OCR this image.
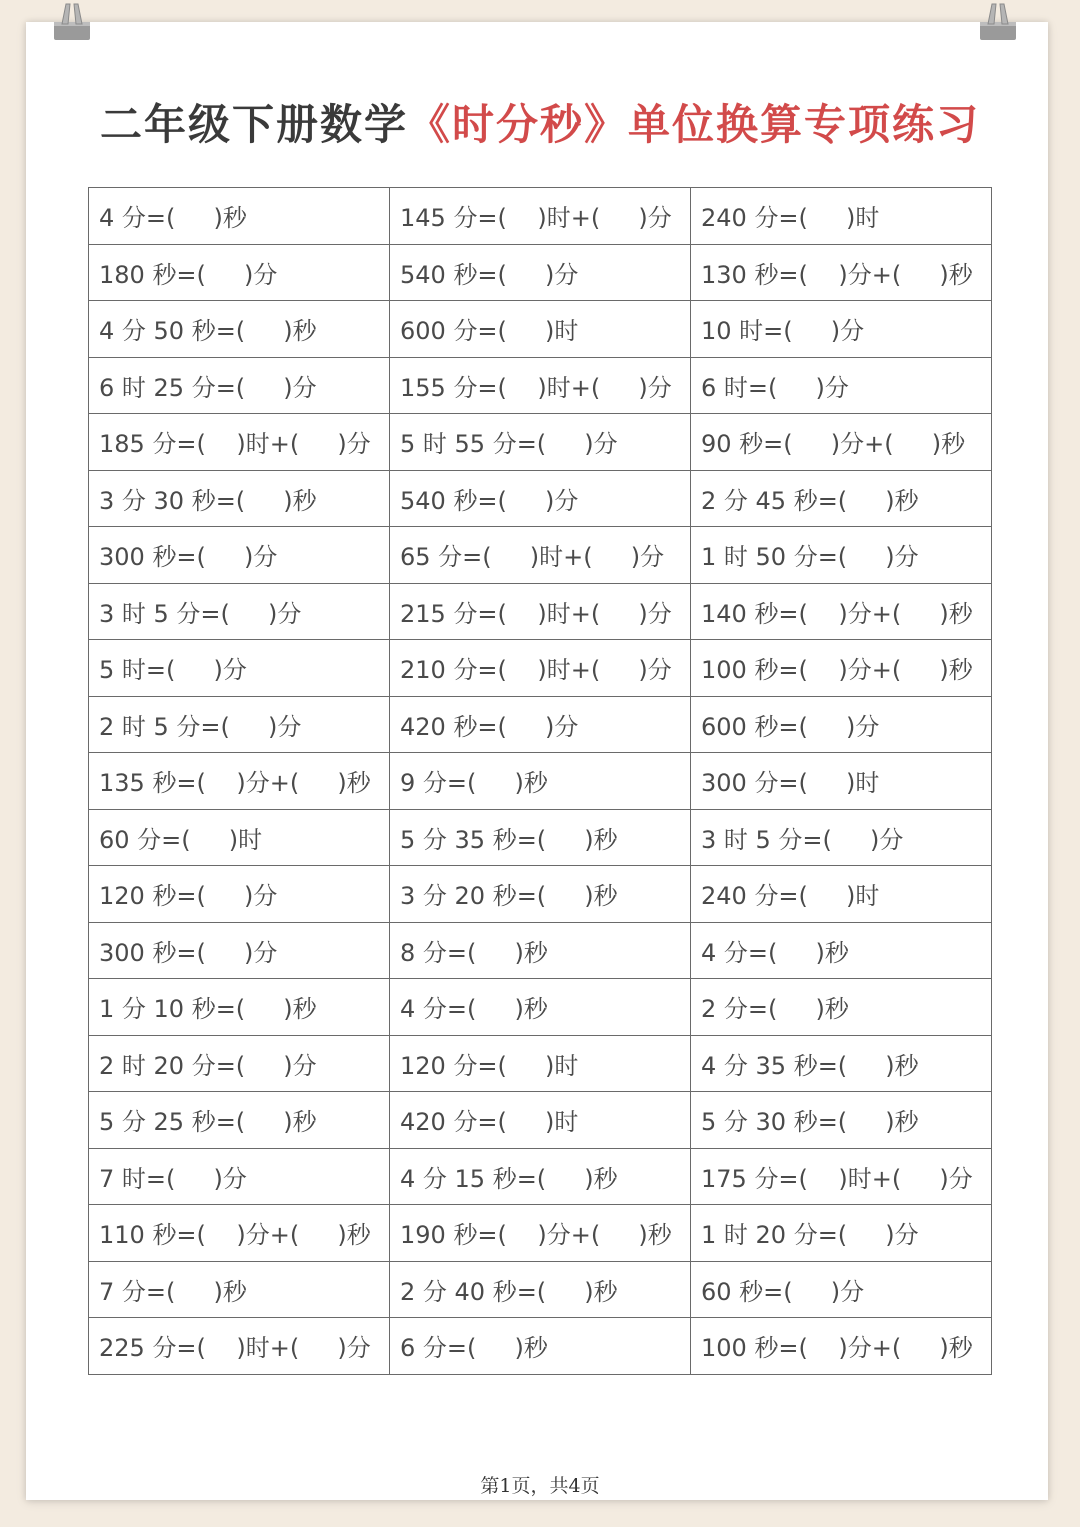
二年级下册数学《时分秒》单位换算专项练习
4 分=(     )秒	145 分=(    )时+(     )分	240 分=(     )时
180 秒=(     )分	540 秒=(     )分	130 秒=(    )分+(     )秒
4 分 50 秒=(     )秒	600 分=(     )时	10 时=(     )分
6 时 25 分=(     )分	155 分=(    )时+(     )分	6 时=(     )分
185 分=(    )时+(     )分	5 时 55 分=(     )分	90 秒=(     )分+(     )秒
3 分 30 秒=(     )秒	540 秒=(     )分	2 分 45 秒=(     )秒
300 秒=(     )分	65 分=(     )时+(     )分	1 时 50 分=(     )分
3 时 5 分=(     )分	215 分=(    )时+(     )分	140 秒=(    )分+(     )秒
5 时=(     )分	210 分=(    )时+(     )分	100 秒=(    )分+(     )秒
2 时 5 分=(     )分	420 秒=(     )分	600 秒=(     )分
135 秒=(    )分+(     )秒	9 分=(     )秒	300 分=(     )时
60 分=(     )时	5 分 35 秒=(     )秒	3 时 5 分=(     )分
120 秒=(     )分	3 分 20 秒=(     )秒	240 分=(     )时
300 秒=(     )分	8 分=(     )秒	4 分=(     )秒
1 分 10 秒=(     )秒	4 分=(     )秒	2 分=(     )秒
2 时 20 分=(     )分	120 分=(     )时	4 分 35 秒=(     )秒
5 分 25 秒=(     )秒	420 分=(     )时	5 分 30 秒=(     )秒
7 时=(     )分	4 分 15 秒=(     )秒	175 分=(    )时+(     )分
110 秒=(    )分+(     )秒	190 秒=(    )分+(     )秒	1 时 20 分=(     )分
7 分=(     )秒	2 分 40 秒=(     )秒	60 秒=(     )分
225 分=(    )时+(     )分	6 分=(     )秒	100 秒=(    )分+(     )秒
第1页，共4页
